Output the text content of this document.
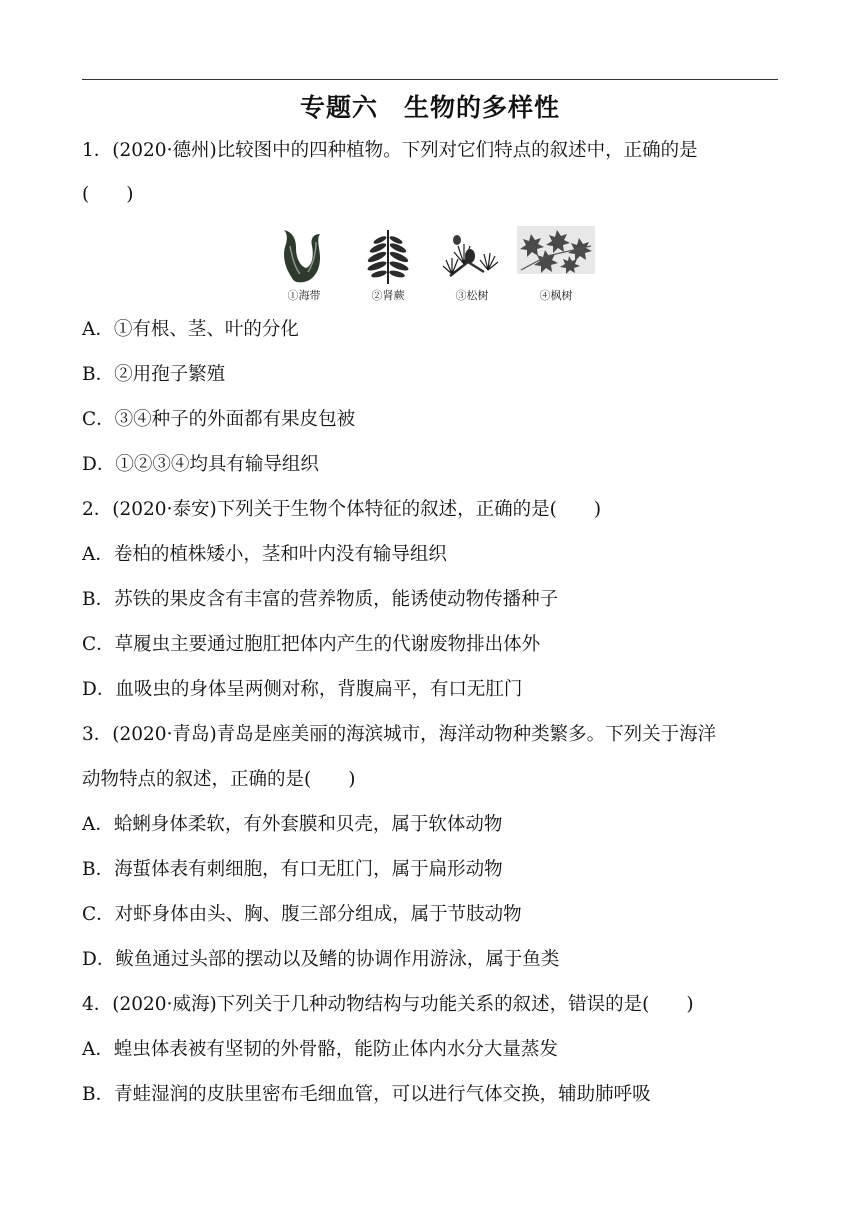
专题六　生物的多样性
1．(2020·德州)比较图中的四种植物。下列对它们特点的叙述中，正确的是
(　　)
①海带	②肾蕨	③松树	④枫树
A．①有根、茎、叶的分化
B．②用孢子繁殖
C．③④种子的外面都有果皮包被
D．①②③④均具有输导组织
2．(2020·泰安)下列关于生物个体特征的叙述，正确的是(　　)
A．卷柏的植株矮小，茎和叶内没有输导组织
B．苏铁的果皮含有丰富的营养物质，能诱使动物传播种子
C．草履虫主要通过胞肛把体内产生的代谢废物排出体外
D．血吸虫的身体呈两侧对称，背腹扁平，有口无肛门
3．(2020·青岛)青岛是座美丽的海滨城市，海洋动物种类繁多。下列关于海洋
动物特点的叙述，正确的是(　　)
A．蛤蜊身体柔软，有外套膜和贝壳，属于软体动物
B．海蜇体表有刺细胞，有口无肛门，属于扁形动物
C．对虾身体由头、胸、腹三部分组成，属于节肢动物
D．鲅鱼通过头部的摆动以及鳍的协调作用游泳，属于鱼类
4．(2020·威海)下列关于几种动物结构与功能关系的叙述，错误的是(　　)
A．蝗虫体表被有坚韧的外骨骼，能防止体内水分大量蒸发
B．青蛙湿润的皮肤里密布毛细血管，可以进行气体交换，辅助肺呼吸
